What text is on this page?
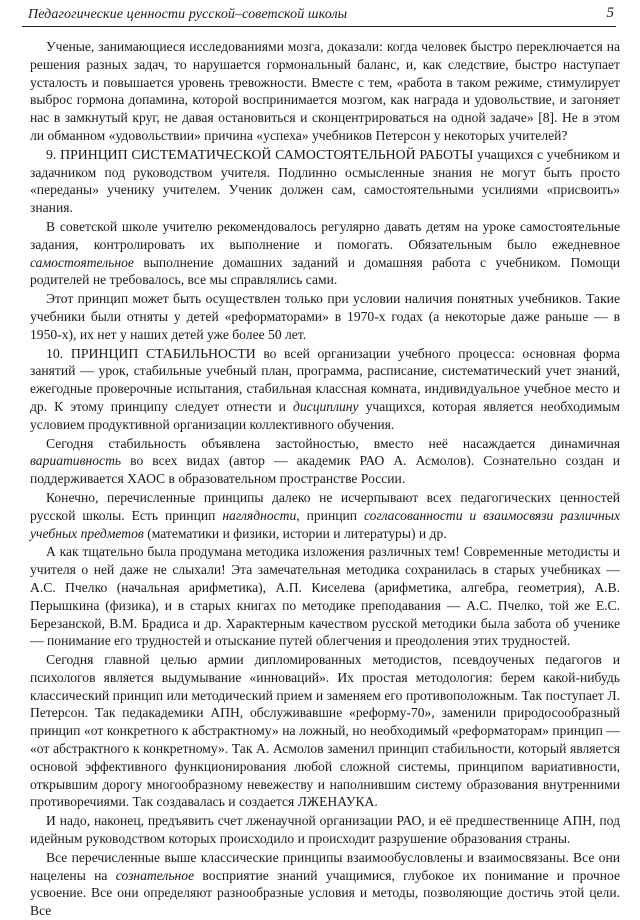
Педагогические ценности русской–советской школы	5

Ученые, занимающиеся исследованиями мозга, доказали: когда человек быстро переключается на решения разных задач, то нарушается гормональный баланс, и, как следствие, быстро наступает усталость и повышается уровень тревожности. Вместе с тем, «работа в таком режиме, стимулирует выброс гормона допамина, которой воспринимается мозгом, как награда и удовольствие, и загоняет нас в замкнутый круг, не давая остановиться и сконцентрироваться на одной задаче» [8]. Не в этом ли обманном «удовольствии» причина «успеха» учебников Петерсон у некоторых учителей?

9. ПРИНЦИП СИСТЕМАТИЧЕСКОЙ САМОСТОЯТЕЛЬНОЙ РАБОТЫ учащихся с учебником и задачником под руководством учителя. Подлинно осмысленные знания не могут быть просто «переданы» ученику учителем. Ученик должен сам, самостоятельными усилиями «присвоить» знания.

В советской школе учителю рекомендовалось регулярно давать детям на уроке самостоятельные задания, контролировать их выполнение и помогать. Обязательным было ежедневное самостоятельное выполнение домашних заданий и домашняя работа с учебником. Помощи родителей не требовалось, все мы справлялись сами.

Этот принцип может быть осуществлен только при условии наличия понятных учебников. Такие учебники были отняты у детей «реформаторами» в 1970-х годах (а некоторые даже раньше — в 1950-х), их нет у наших детей уже более 50 лет.

10. ПРИНЦИП СТАБИЛЬНОСТИ во всей организации учебного процесса: основная форма занятий — урок, стабильные учебный план, программа, расписание, систематический учет знаний, ежегодные проверочные испытания, стабильная классная комната, индивидуальное учебное место и др. К этому принципу следует отнести и дисциплину учащихся, которая является необходимым условием продуктивной организации коллективного обучения.

Сегодня стабильность объявлена застойностью, вместо неё насаждается динамичная вариативность во всех видах (автор — академик РАО А. Асмолов). Сознательно создан и поддерживается ХАОС в образовательном пространстве России.

Конечно, перечисленные принципы далеко не исчерпывают всех педагогических ценностей русской школы. Есть принцип наглядности, принцип согласованности и взаимосвязи различных учебных предметов (математики и физики, истории и литературы) и др.

А как тщательно была продумана методика изложения различных тем! Современные методисты и учителя о ней даже не слыхали! Эта замечательная методика сохранилась в старых учебниках — А.С. Пчелко (начальная арифметика), А.П. Киселева (арифметика, алгебра, геометрия), А.В. Перышкина (физика), и в старых книгах по методике преподавания — А.С. Пчелко, той же Е.С. Березанской, В.М. Брадиса и др. Характерным качеством русской методики была забота об ученике — понимание его трудностей и отыскание путей облегчения и преодоления этих трудностей.

Сегодня главной целью армии дипломированных методистов, псевдоученых педагогов и психологов является выдумывание «инноваций». Их простая методология: берем какой-нибудь классический принцип или методический прием и заменяем его противоположным. Так поступает Л. Петерсон. Так педакадемики АПН, обслуживавшие «реформу-70», заменили природосообразный принцип «от конкретного к абстрактному» на ложный, но необходимый «реформаторам» принцип — «от абстрактного к конкретному». Так А. Асмолов заменил принцип стабильности, который является основой эффективного функционирования любой сложной системы, принципом вариативности, открывшим дорогу многообразному невежеству и наполнившим систему образования внутренними противоречиями. Так создавалась и создается ЛЖЕНАУКА.

И надо, наконец, предъявить счет лженаучной организации РАО, и её предшественнице АПН, под идейным руководством которых происходило и происходит разрушение образования страны.

Все перечисленные выше классические принципы взаимообусловлены и взаимосвязаны. Все они нацелены на сознательное восприятие знаний учащимися, глубокое их понимание и прочное усвоение. Все они определяют разнообразные условия и методы, позволяющие достичь этой цели. Все
